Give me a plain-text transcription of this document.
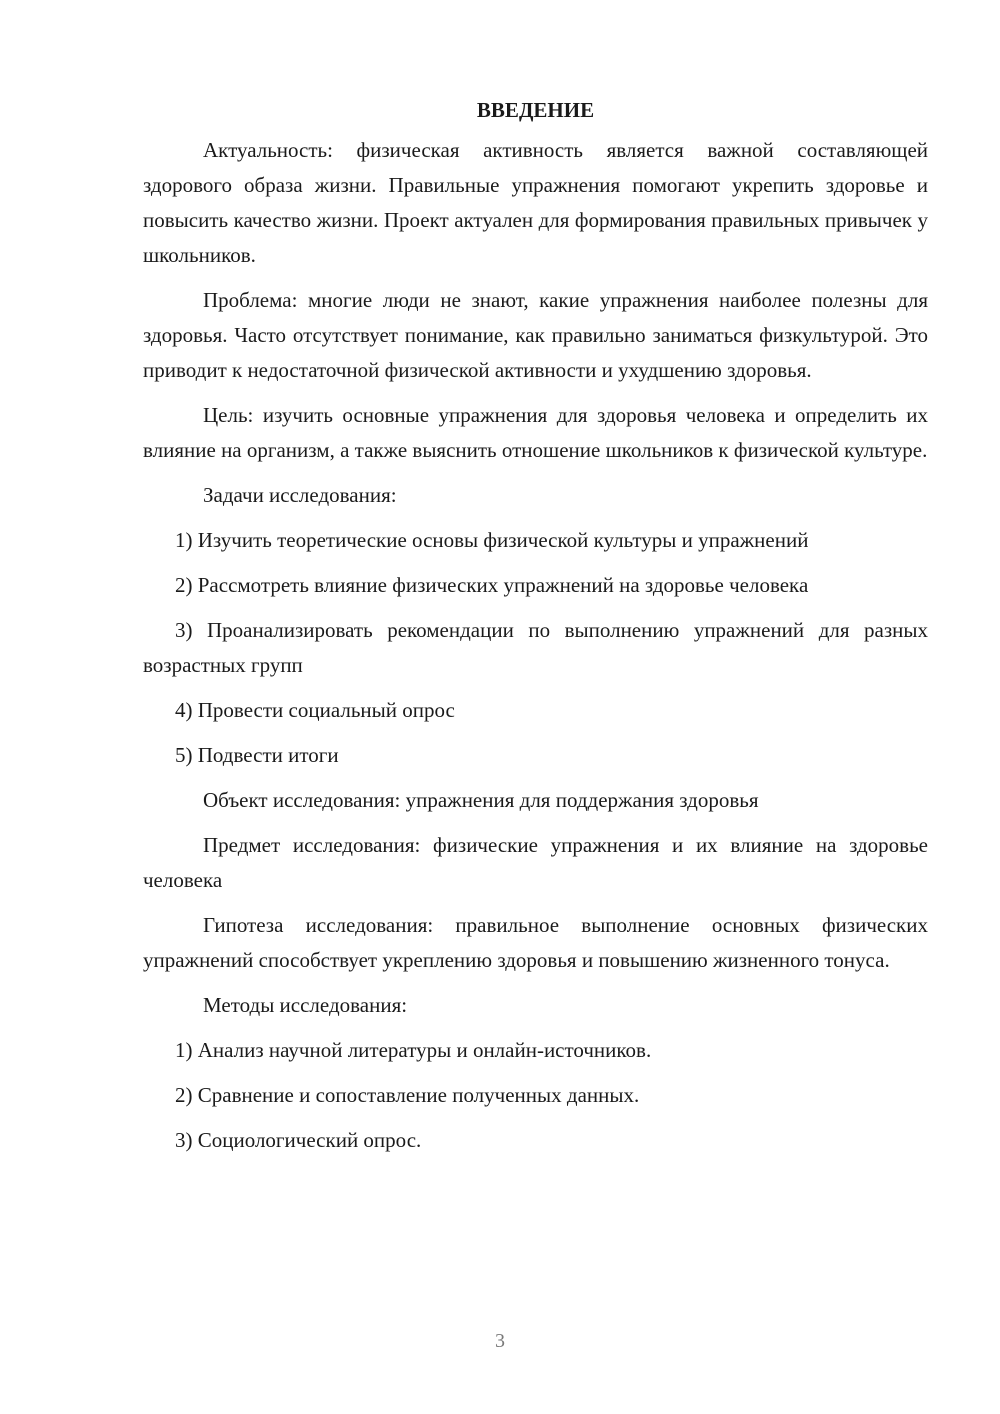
ВВЕДЕНИЕ
Актуальность: физическая активность является важной составляющей здорового образа жизни. Правильные упражнения помогают укрепить здоровье и повысить качество жизни. Проект актуален для формирования правильных привычек у школьников.
Проблема: многие люди не знают, какие упражнения наиболее полезны для здоровья. Часто отсутствует понимание, как правильно заниматься физкультурой. Это приводит к недостаточной физической активности и ухудшению здоровья.
Цель: изучить основные упражнения для здоровья человека и определить их влияние на организм, а также выяснить отношение школьников к физической культуре.
Задачи исследования:
1) Изучить теоретические основы физической культуры и упражнений
2) Рассмотреть влияние физических упражнений на здоровье человека
3) Проанализировать рекомендации по выполнению упражнений для разных возрастных групп
4) Провести социальный опрос
5) Подвести итоги
Объект исследования: упражнения для поддержания здоровья
Предмет исследования: физические упражнения и их влияние на здоровье человека
Гипотеза исследования: правильное выполнение основных физических упражнений способствует укреплению здоровья и повышению жизненного тонуса.
Методы исследования:
1) Анализ научной литературы и онлайн-источников.
2) Сравнение и сопоставление полученных данных.
3) Социологический опрос.
3
